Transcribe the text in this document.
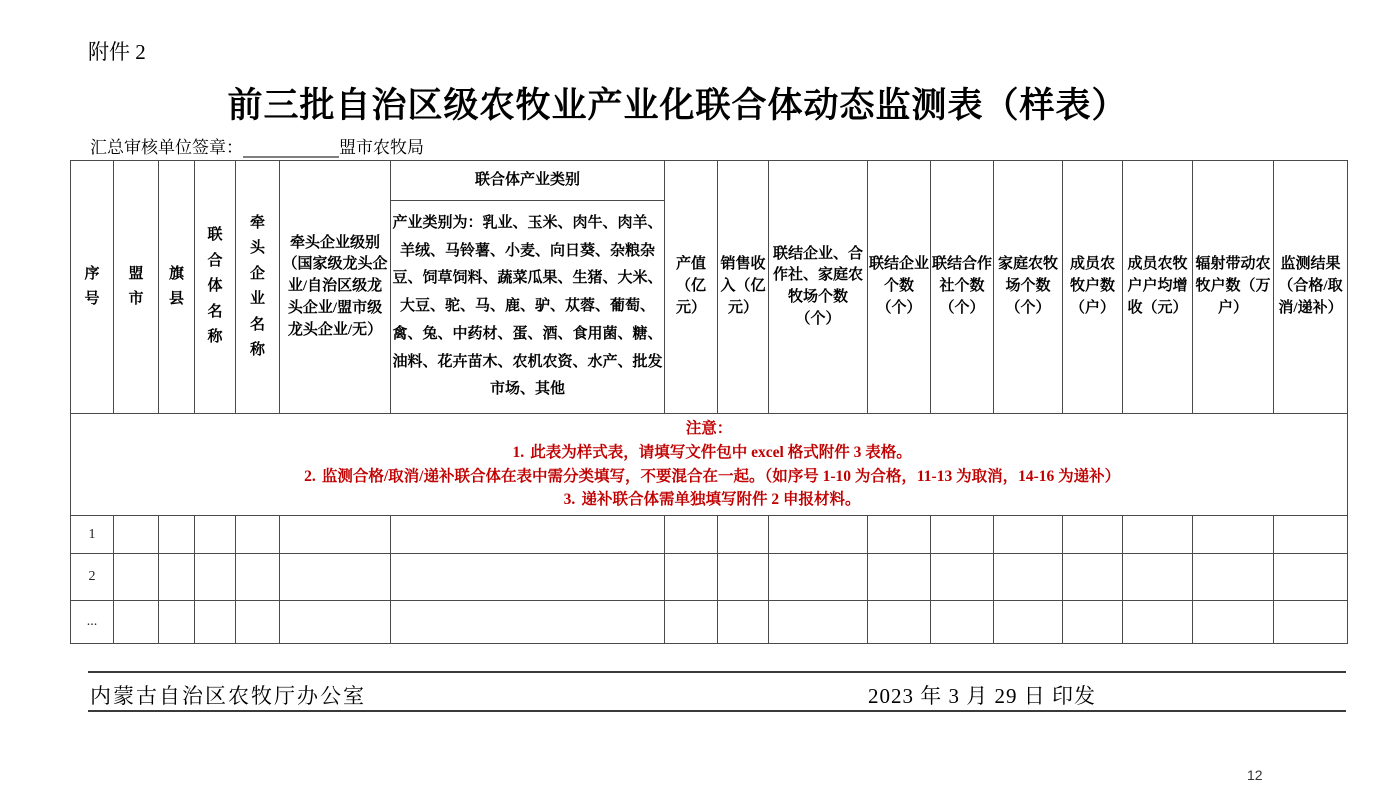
附件 2
前三批自治区级农牧业产业化联合体动态监测表（样表）
汇总审核单位签章：	盟市农牧局
序号	盟市	旗县	联合体名称	牵头企业名称	牵头企业级别（国家级龙头企业/自治区级龙头企业/盟市级龙头企业/无）	联合体产业类别	产值（亿元）	销售收入（亿元）	联结企业、合作社、家庭农牧场个数（个）	联结企业个数（个）	联结合作社个数（个）	家庭农牧场个数（个）	成员农牧户数（户）	成员农牧户户均增收（元）	辐射带动农牧户数（万户）	监测结果（合格/取消/递补）

						产业类别为：乳业、玉米、肉牛、肉羊、羊绒、马铃薯、小麦、向日葵、杂粮杂豆、饲草饲料、蔬菜瓜果、生猪、大米、大豆、驼、马、鹿、驴、苁蓉、葡萄、禽、兔、中药材、蛋、酒、食用菌、糖、油料、花卉苗木、农机农资、水产、批发市场、其他										

注意：
1. 此表为样式表，请填写文件包中 excel 格式附件 3 表格。
2. 监测合格/取消/递补联合体在表中需分类填写，不要混合在一起。（如序号 1-10 为合格，11-13 为取消，14-16 为递补）
3. 递补联合体需单独填写附件 2 申报材料。																

1																
2																
...																
内蒙古自治区农牧厅办公室	2023 年 3 月 29 日 印发
12
